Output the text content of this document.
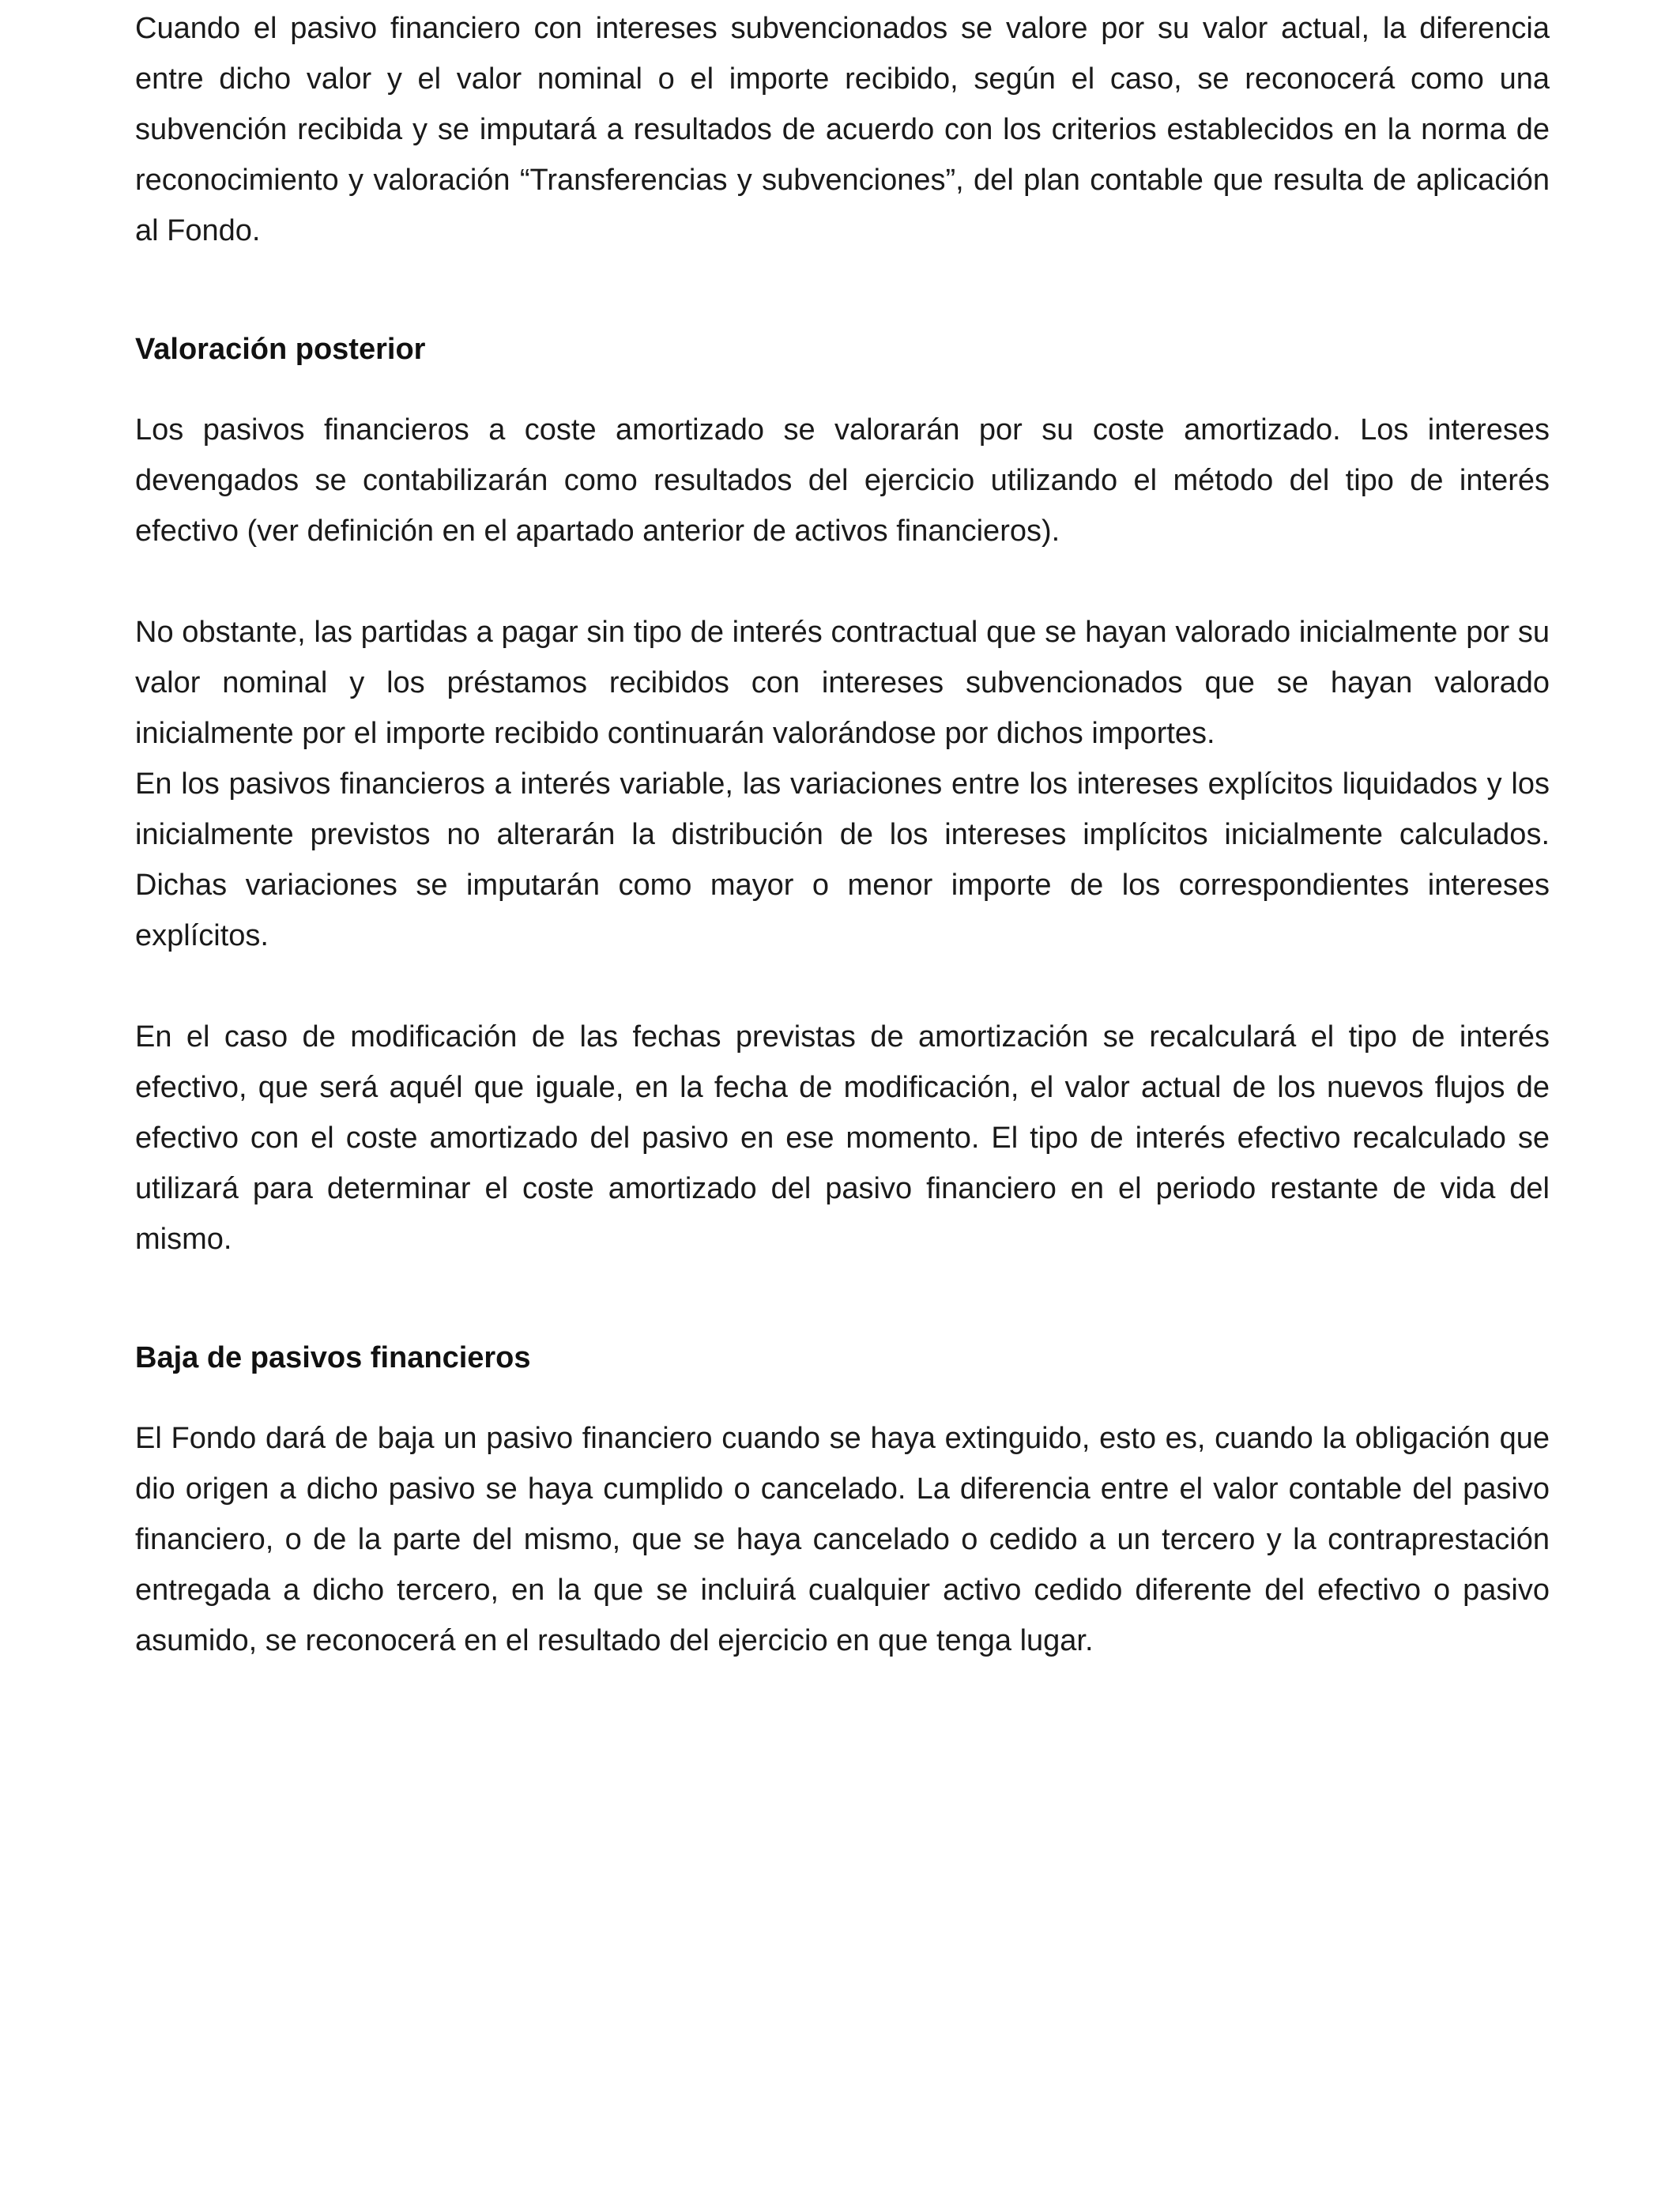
Cuando el pasivo financiero con intereses subvencionados se valore por su valor actual, la diferencia entre dicho valor y el valor nominal o el importe recibido, según el caso, se reconocerá como una subvención recibida y se imputará a resultados de acuerdo con los criterios establecidos en la norma de reconocimiento y valoración “Transferencias y subvenciones”, del plan contable que resulta de aplicación al Fondo.

Valoración posterior

Los pasivos financieros a coste amortizado se valorarán por su coste amortizado. Los intereses devengados se contabilizarán como resultados del ejercicio utilizando el método del tipo de interés efectivo (ver definición en el apartado anterior de activos financieros).

No obstante, las partidas a pagar sin tipo de interés contractual que se hayan valorado inicialmente por su valor nominal y los préstamos recibidos con intereses subvencionados que se hayan valorado inicialmente por el importe recibido continuarán valorándose por dichos importes.

En los pasivos financieros a interés variable, las variaciones entre los intereses explícitos liquidados y los inicialmente previstos no alterarán la distribución de los intereses implícitos inicialmente calculados. Dichas variaciones se imputarán como mayor o menor importe de los correspondientes intereses explícitos.

En el caso de modificación de las fechas previstas de amortización se recalculará el tipo de interés efectivo, que será aquél que iguale, en la fecha de modificación, el valor actual de los nuevos flujos de efectivo con el coste amortizado del pasivo en ese momento. El tipo de interés efectivo recalculado se utilizará para determinar el coste amortizado del pasivo financiero en el periodo restante de vida del mismo.

Baja de pasivos financieros

El Fondo dará de baja un pasivo financiero cuando se haya extinguido, esto es, cuando la obligación que dio origen a dicho pasivo se haya cumplido o cancelado. La diferencia entre el valor contable del pasivo financiero, o de la parte del mismo, que se haya cancelado o cedido a un tercero y la contraprestación entregada a dicho tercero, en la que se incluirá cualquier activo cedido diferente del efectivo o pasivo asumido, se reconocerá en el resultado del ejercicio en que tenga lugar.
